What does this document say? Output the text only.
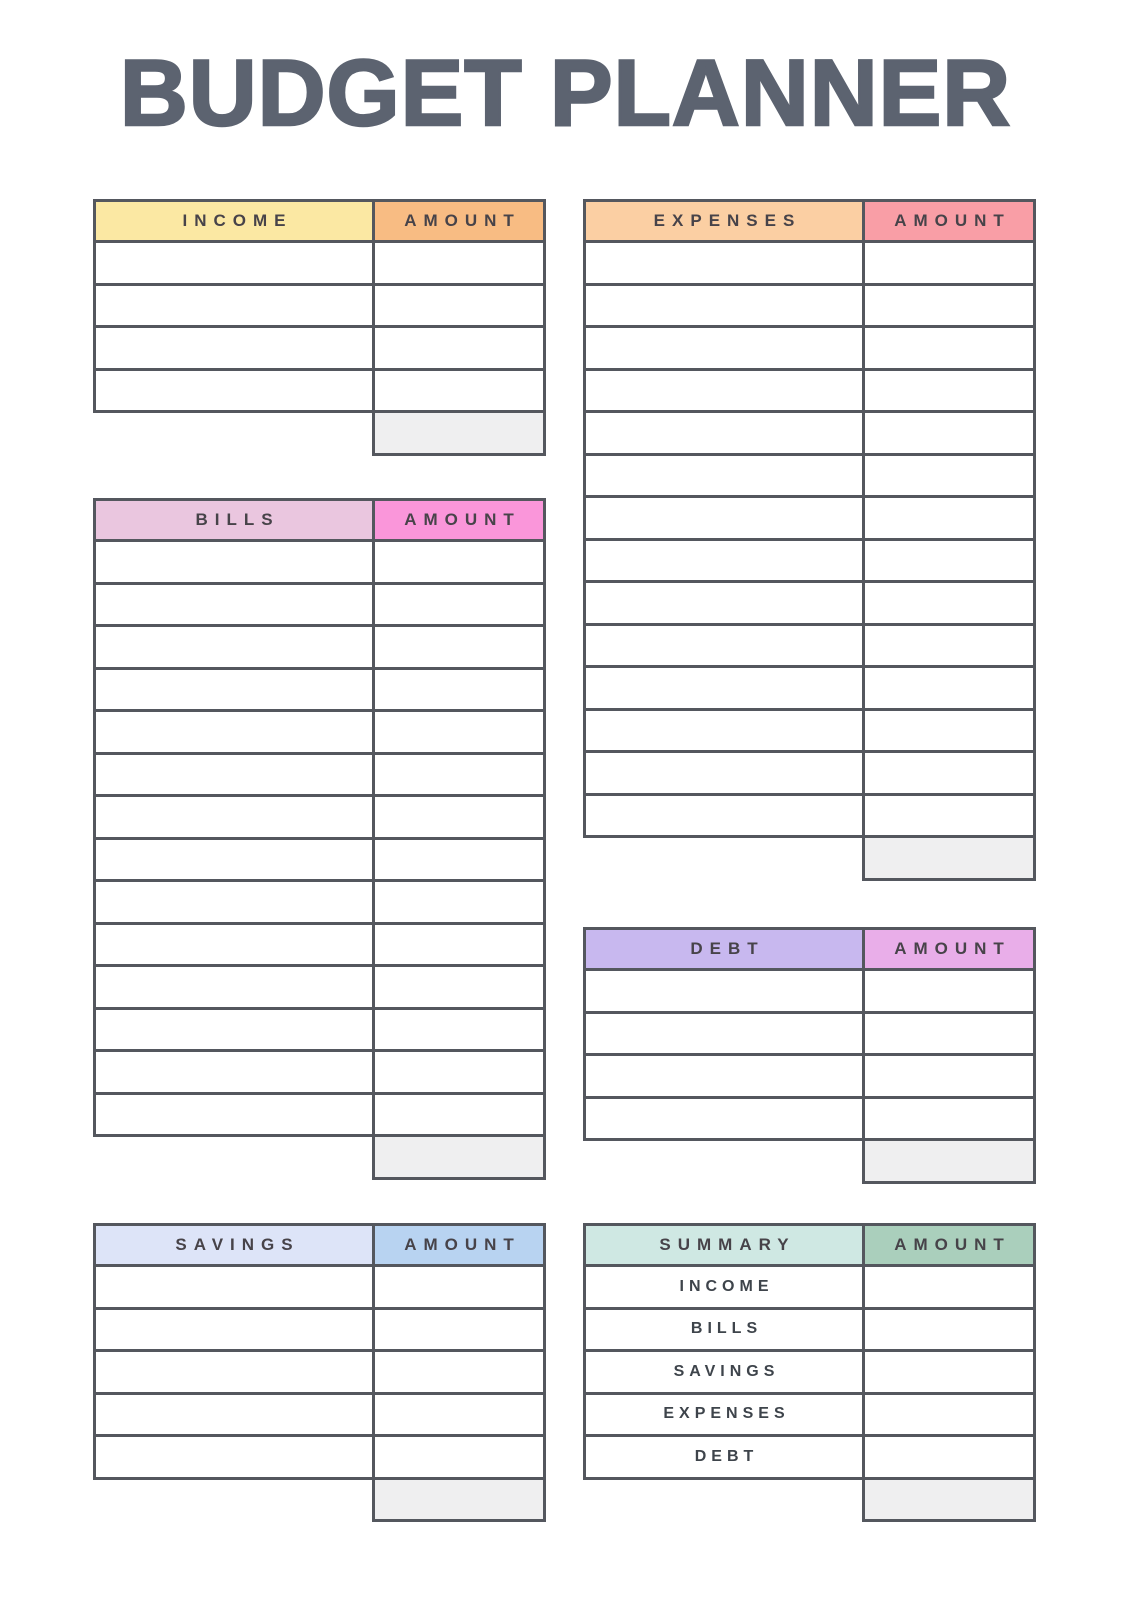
BUDGET PLANNER
INCOME	AMOUNT

BILLS	AMOUNT

SAVINGS	AMOUNT

EXPENSES	AMOUNT

DEBT	AMOUNT

SUMMARY	AMOUNT
INCOME	
BILLS	
SAVINGS	
EXPENSES	
DEBT	
